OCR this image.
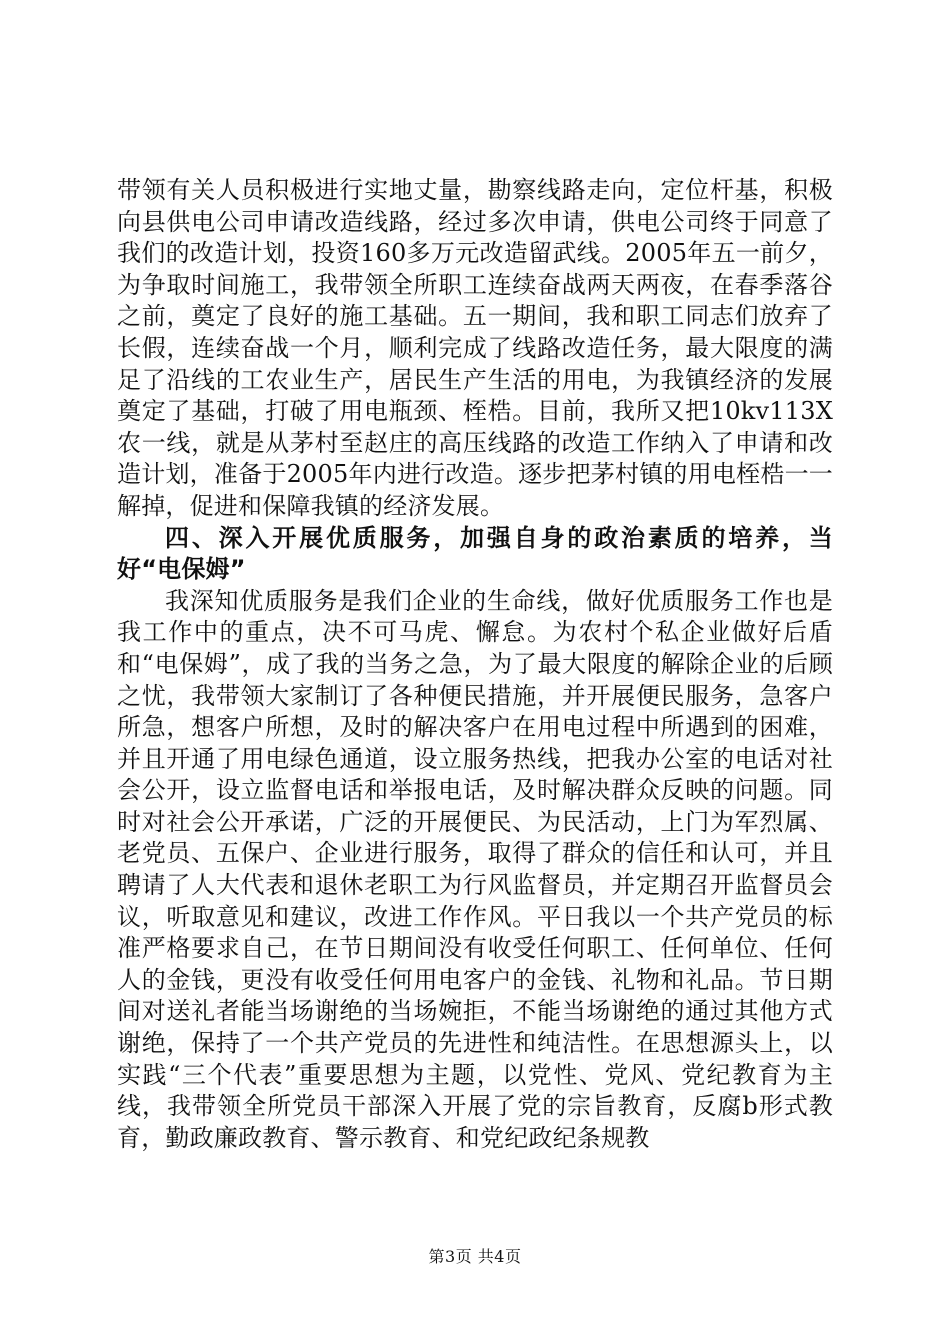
带领有关人员积极进行实地丈量，勘察线路走向，定位杆基，积极向县供电公司申请改造线路，经过多次申请，供电公司终于同意了我们的改造计划，投资160多万元改造留武线。2005年五一前夕，为争取时间施工，我带领全所职工连续奋战两天两夜，在春季落谷之前，奠定了良好的施工基础。五一期间，我和职工同志们放弃了长假，连续奋战一个月，顺利完成了线路改造任务，最大限度的满足了沿线的工农业生产，居民生产生活的用电，为我镇经济的发展奠定了基础，打破了用电瓶颈、桎梏。目前，我所又把10kv113X农一线，就是从茅村至赵庄的高压线路的改造工作纳入了申请和改造计划，准备于2005年内进行改造。逐步把茅村镇的用电桎梏一一解掉，促进和保障我镇的经济发展。

四、深入开展优质服务，加强自身的政治素质的培养，当好“电保姆”

我深知优质服务是我们企业的生命线，做好优质服务工作也是我工作中的重点，决不可马虎、懈怠。为农村个私企业做好后盾和“电保姆”，成了我的当务之急，为了最大限度的解除企业的后顾之忧，我带领大家制订了各种便民措施，并开展便民服务，急客户所急，想客户所想，及时的解决客户在用电过程中所遇到的困难，并且开通了用电绿色通道，设立服务热线，把我办公室的电话对社会公开，设立监督电话和举报电话，及时解决群众反映的问题。同时对社会公开承诺，广泛的开展便民、为民活动，上门为军烈属、老党员、五保户、企业进行服务，取得了群众的信任和认可，并且聘请了人大代表和退休老职工为行风监督员，并定期召开监督员会议，听取意见和建议，改进工作作风。平日我以一个共产党员的标准严格要求自己，在节日期间没有收受任何职工、任何单位、任何人的金钱，更没有收受任何用电客户的金钱、礼物和礼品。节日期间对送礼者能当场谢绝的当场婉拒，不能当场谢绝的通过其他方式谢绝，保持了一个共产党员的先进性和纯洁性。在思想源头上，以实践“三个代表”重要思想为主题，以党性、党风、党纪教育为主线，我带领全所党员干部深入开展了党的宗旨教育，反腐b形式教育，勤政廉政教育、警示教育、和党纪政纪条规教

第3页 共4页
